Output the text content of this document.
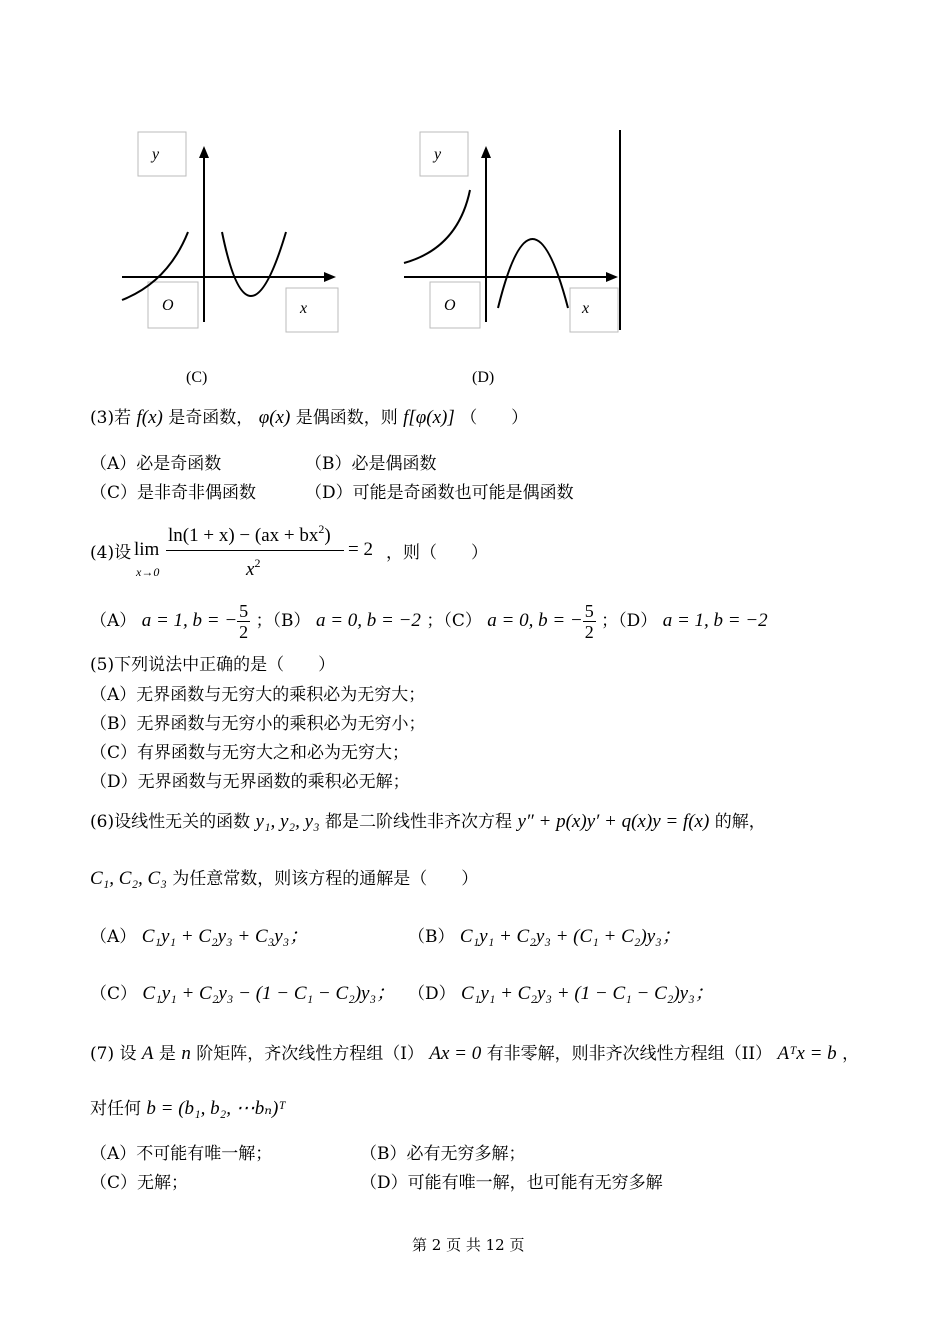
y
O	x
(C)
y
O	x
(D)
(3)若 f(x) 是奇函数， φ(x) 是偶函数，则 f[φ(x)] （　　）
（A）必是奇函数	（B）必是偶函数
（C）是非奇非偶函数	（D）可能是奇函数也可能是偶函数
(4)设 lim
x→0
$\ln(1 + x) - (ax + bx^2)$
$x^2$
= 2 ，则（　　）
（A） a = 1, b = − $\frac{5}{2}$ ；（B） a = 0, b = −2 ；（C） a = 0, b = − $\frac{5}{2}$ ；（D） a = 1, b = −2
(5)下列说法中正确的是（　　）
（A）无界函数与无穷大的乘积必为无穷大；
（B）无界函数与无穷小的乘积必为无穷小；
（C）有界函数与无穷大之和必为无穷大；
（D）无界函数与无界函数的乘积必无解；
(6)设线性无关的函数 y₁, y₂, y₃ 都是二阶线性非齐次方程 y″ + p(x)y′ + q(x)y = f(x) 的解，
C₁, C₂, C₃ 为任意常数，则该方程的通解是（　　）
（A） C₁y₁ + C₂y₃ + C₃y₃；	（B） C₁y₁ + C₂y₃ + (C₁ + C₂)y₃；
（C） C₁y₁ + C₂y₃ − (1 − C₁ − C₂)y₃； （D） C₁y₁ + C₂y₃ + (1 − C₁ − C₂)y₃；
(7) 设 A 是 n 阶矩阵，齐次线性方程组（I） Ax = 0 有非零解，则非齐次线性方程组（II） Aᵀx = b ，
对任何 b = (b₁, b₂, ⋯bₙ)ᵀ
（A）不可能有唯一解；	（B）必有无穷多解；
（C）无解；	（D）可能有唯一解，也可能有无穷多解
第 2 页 共 12 页
